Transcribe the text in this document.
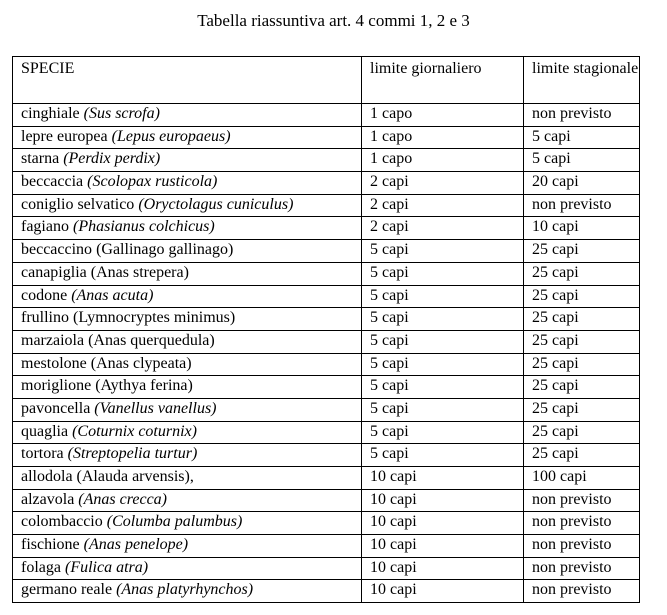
Tabella riassuntiva art. 4 commi 1, 2 e 3
SPECIE	limite giornaliero	limite stagionale
cinghiale (Sus scrofa)	1 capo	non previsto
lepre europea (Lepus europaeus)	1 capo	5 capi
starna (Perdix perdix)	1 capo	5 capi
beccaccia (Scolopax rusticola)	2 capi	20 capi
coniglio selvatico (Oryctolagus cuniculus)	2 capi	non previsto
fagiano (Phasianus colchicus)	2 capi	10 capi
beccaccino (Gallinago gallinago)	5 capi	25 capi
canapiglia (Anas strepera)	5 capi	25 capi
codone (Anas acuta)	5 capi	25 capi
frullino (Lymnocryptes minimus)	5 capi	25 capi
marzaiola (Anas querquedula)	5 capi	25 capi
mestolone (Anas clypeata)	5 capi	25 capi
moriglione (Aythya ferina)	5 capi	25 capi
pavoncella (Vanellus vanellus)	5 capi	25 capi
quaglia (Coturnix coturnix)	5 capi	25 capi
tortora (Streptopelia turtur)	5 capi	25 capi
allodola (Alauda arvensis),	10 capi	100 capi
alzavola (Anas crecca)	10 capi	non previsto
colombaccio (Columba palumbus)	10 capi	non previsto
fischione (Anas penelope)	10 capi	non previsto
folaga (Fulica atra)	10 capi	non previsto
germano reale (Anas platyrhynchos)	10 capi	non previsto
